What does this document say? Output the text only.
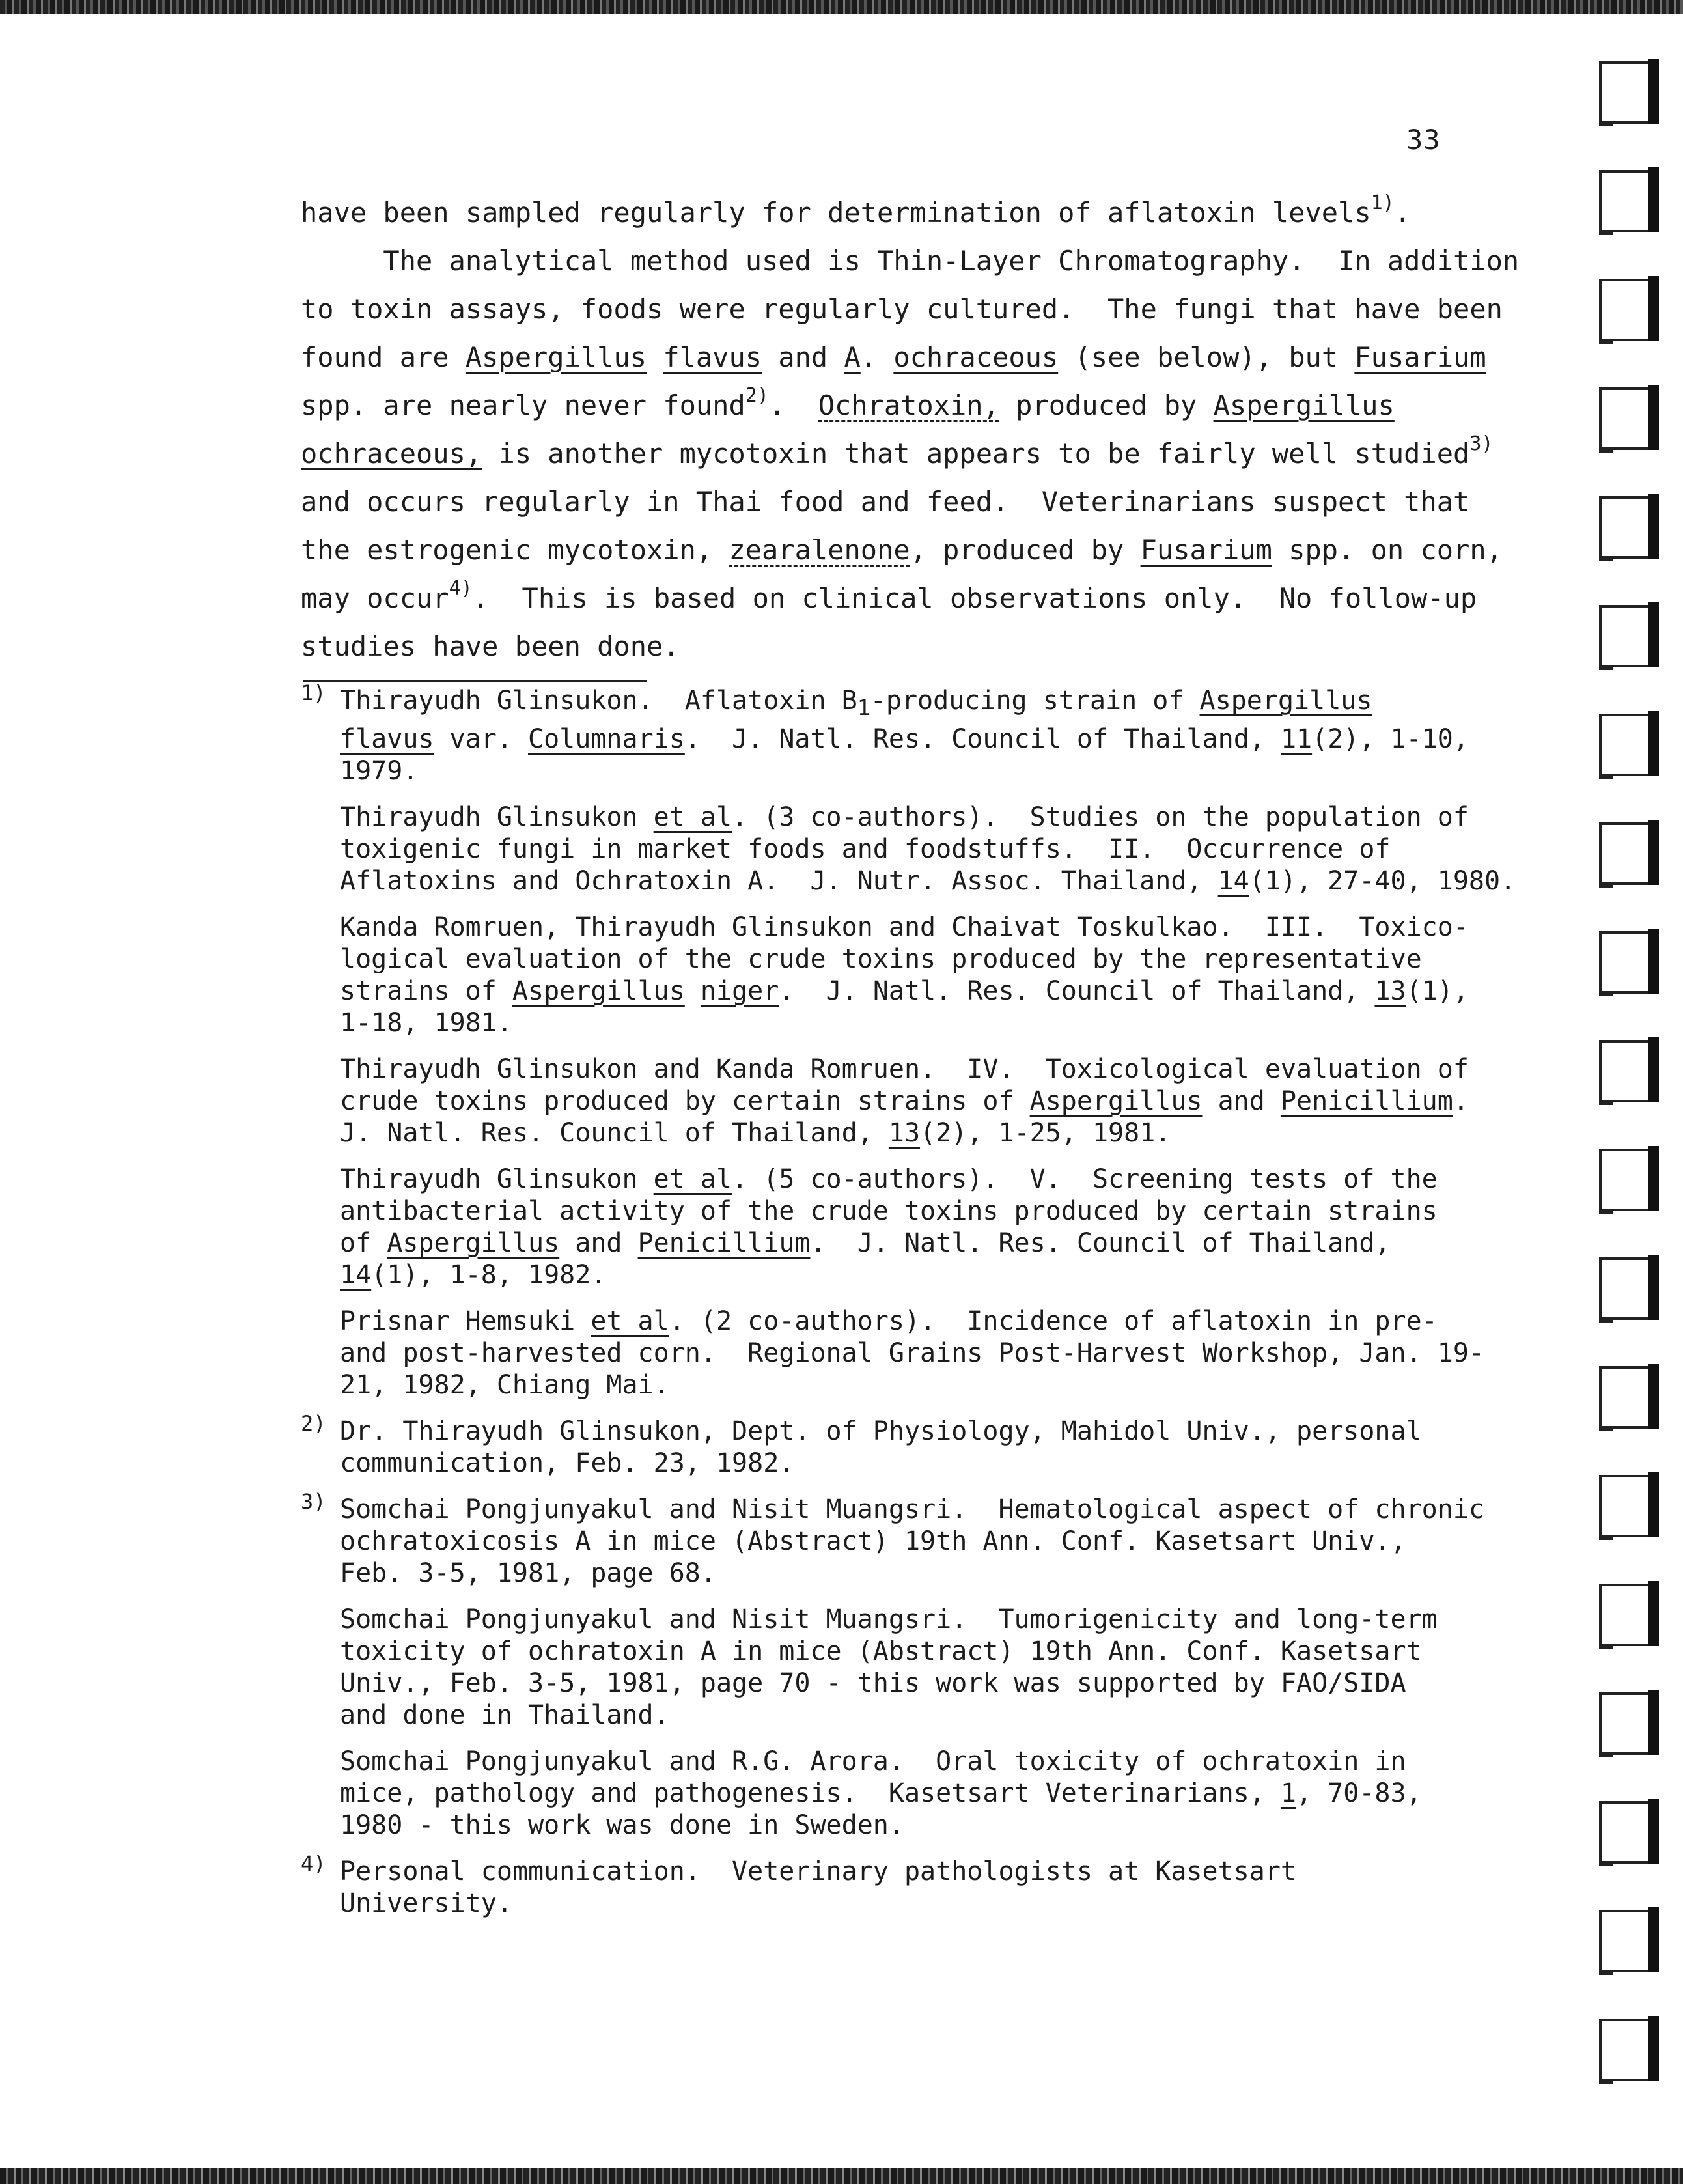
33
have been sampled regularly for determination of aflatoxin levels$^{1)}$.
The analytical method used is Thin-Layer Chromatography.  In addition
to toxin assays, foods were regularly cultured.  The fungi that have been
found are Aspergillus flavus and A. ochraceous (see below), but Fusarium
spp. are nearly never found$^{2)}$.  Ochratoxin, produced by Aspergillus
ochraceous, is another mycotoxin that appears to be fairly well studied$^{3)}$
and occurs regularly in Thai food and feed.  Veterinarians suspect that
the estrogenic mycotoxin, zearalenone, produced by Fusarium spp. on corn,
may occur$^{4)}$.  This is based on clinical observations only.  No follow-up
studies have been done.
1) Thirayudh Glinsukon.  Aflatoxin $B_1$-producing strain of Aspergillus
flavus var. Columnaris.  J. Natl. Res. Council of Thailand, 11(2), 1-10,
1979.
Thirayudh Glinsukon et al. (3 co-authors).  Studies on the population of
toxigenic fungi in market foods and foodstuffs.  II.  Occurrence of
Aflatoxins and Ochratoxin A.  J. Nutr. Assoc. Thailand, 14(1), 27-40, 1980.
Kanda Romruen, Thirayudh Glinsukon and Chaivat Toskulkao.  III.  Toxico-
logical evaluation of the crude toxins produced by the representative
strains of Aspergillus niger.  J. Natl. Res. Council of Thailand, 13(1),
1-18, 1981.
Thirayudh Glinsukon and Kanda Romruen.  IV.  Toxicological evaluation of
crude toxins produced by certain strains of Aspergillus and Penicillium.
J. Natl. Res. Council of Thailand, 13(2), 1-25, 1981.
Thirayudh Glinsukon et al. (5 co-authors).  V.  Screening tests of the
antibacterial activity of the crude toxins produced by certain strains
of Aspergillus and Penicillium.  J. Natl. Res. Council of Thailand,
14(1), 1-8, 1982.
Prisnar Hemsuki et al. (2 co-authors).  Incidence of aflatoxin in pre-
and post-harvested corn.  Regional Grains Post-Harvest Workshop, Jan. 19-
21, 1982, Chiang Mai.
2) Dr. Thirayudh Glinsukon, Dept. of Physiology, Mahidol Univ., personal
communication, Feb. 23, 1982.
3) Somchai Pongjunyakul and Nisit Muangsri.  Hematological aspect of chronic
ochratoxicosis A in mice (Abstract) 19th Ann. Conf. Kasetsart Univ.,
Feb. 3-5, 1981, page 68.
Somchai Pongjunyakul and Nisit Muangsri.  Tumorigenicity and long-term
toxicity of ochratoxin A in mice (Abstract) 19th Ann. Conf. Kasetsart
Univ., Feb. 3-5, 1981, page 70 - this work was supported by FAO/SIDA
and done in Thailand.
Somchai Pongjunyakul and R.G. Arora.  Oral toxicity of ochratoxin in
mice, pathology and pathogenesis.  Kasetsart Veterinarians, 1, 70-83,
1980 - this work was done in Sweden.
4) Personal communication.  Veterinary pathologists at Kasetsart
University.
